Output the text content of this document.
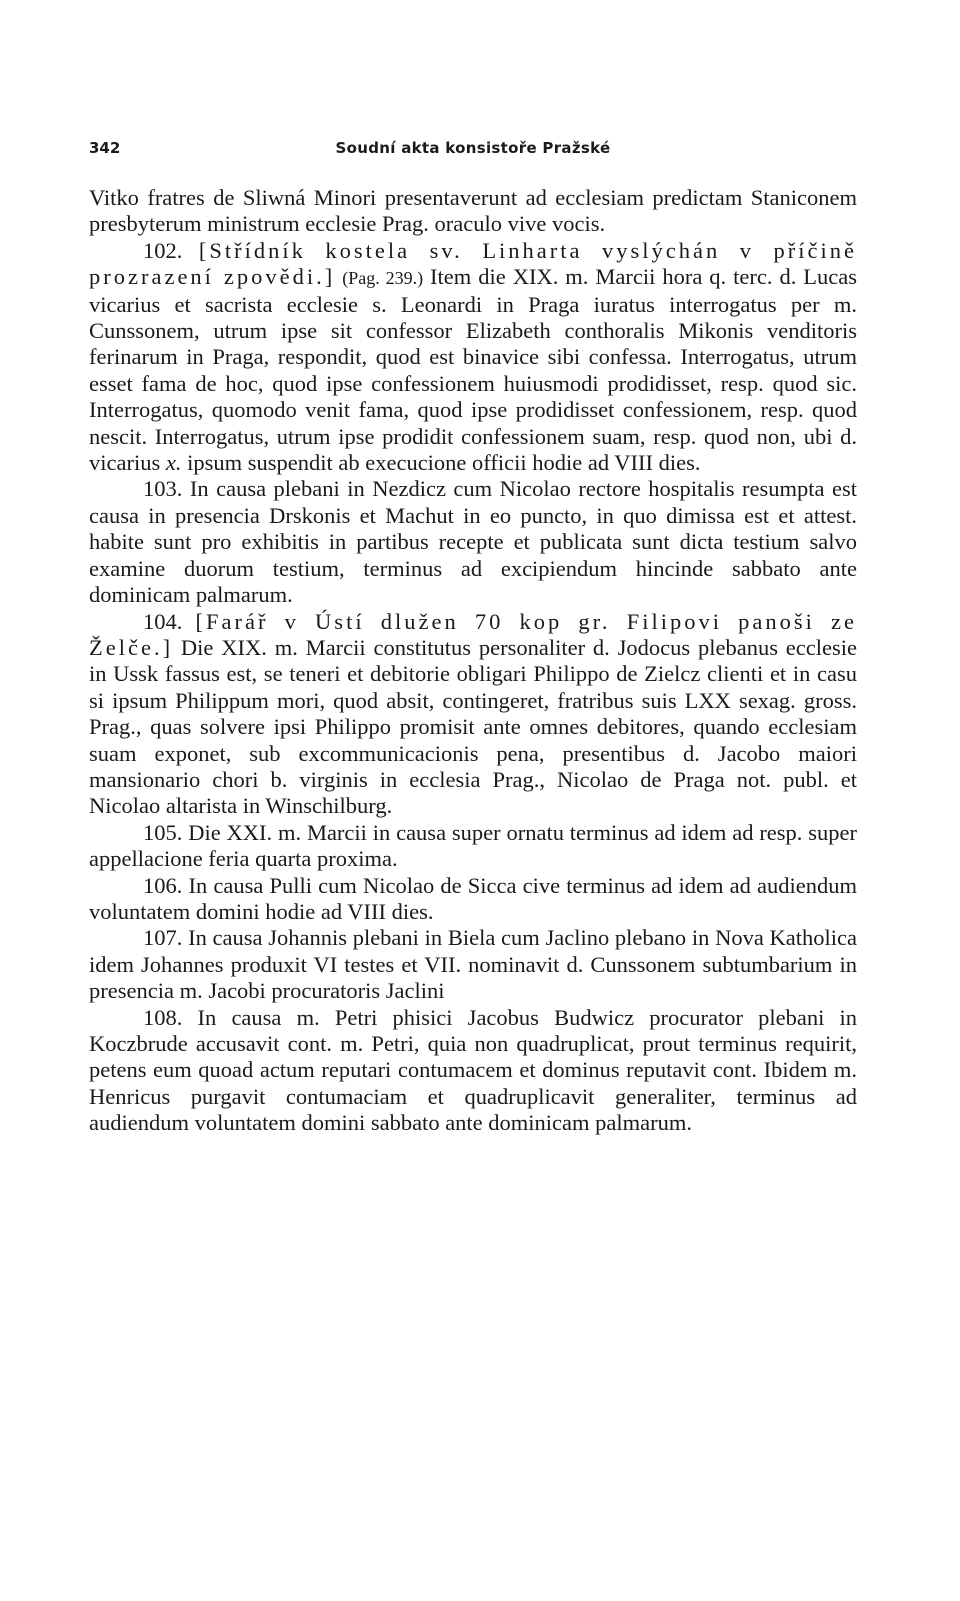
342	Soudní akta konsistoře Pražské

Vitko fratres de Sliwná Minori presentaverunt ad ecclesiam predictam Staniconem presbyterum ministrum ecclesie Prag. oraculo vive vocis.

102. [Střídník kostela sv. Linharta vyslýchán v příčině prozrazení zpovědi.] (Pag. 239.) Item die XIX. m. Marcii hora q. terc. d. Lucas vicarius et sacrista ecclesie s. Leonardi in Praga iuratus interrogatus per m. Cunssonem, utrum ipse sit confessor Elizabeth conthoralis Mikonis venditoris ferinarum in Praga, respondit, quod est binavice sibi confessa. Interrogatus, utrum esset fama de hoc, quod ipse confessionem huiusmodi prodidisset, resp. quod sic. Interrogatus, quomodo venit fama, quod ipse prodidisset confessionem, resp. quod nescit. Interrogatus, utrum ipse prodidit confessionem suam, resp. quod non, ubi d. vicarius x. ipsum suspendit ab execucione officii hodie ad VIII dies.

103. In causa plebani in Nezdicz cum Nicolao rectore hospitalis resumpta est causa in presencia Drskonis et Machut in eo puncto, in quo dimissa est et attest. habite sunt pro exhibitis in partibus recepte et publicata sunt dicta testium salvo examine duorum testium, terminus ad excipiendum hincinde sabbato ante dominicam palmarum.

104. [Farář v Ústí dlužen 70 kop gr. Filipovi panoši ze Želče.] Die XIX. m. Marcii constitutus personaliter d. Jodocus plebanus ecclesie in Ussk fassus est, se teneri et debitorie obligari Philippo de Zielcz clienti et in casu si ipsum Philippum mori, quod absit, contingeret, fratribus suis LXX sexag. gross. Prag., quas solvere ipsi Philippo promisit ante omnes debitores, quando ecclesiam suam exponet, sub excommunicacionis pena, presentibus d. Jacobo maiori mansionario chori b. virginis in ecclesia Prag., Nicolao de Praga not. publ. et Nicolao altarista in Winschilburg.

105. Die XXI. m. Marcii in causa super ornatu terminus ad idem ad resp. super appellacione feria quarta proxima.

106. In causa Pulli cum Nicolao de Sicca cive terminus ad idem ad audiendum voluntatem domini hodie ad VIII dies.

107. In causa Johannis plebani in Biela cum Jaclino plebano in Nova Katholica idem Johannes produxit VI testes et VII. nominavit d. Cunssonem subtumbarium in presencia m. Jacobi procuratoris Jaclini

108. In causa m. Petri phisici Jacobus Budwicz procurator plebani in Koczbrude accusavit cont. m. Petri, quia non quadruplicat, prout terminus requirit, petens eum quoad actum reputari contumacem et dominus reputavit cont. Ibidem m. Henricus purgavit contumaciam et quadruplicavit generaliter, terminus ad audiendum voluntatem domini sabbato ante dominicam palmarum.
